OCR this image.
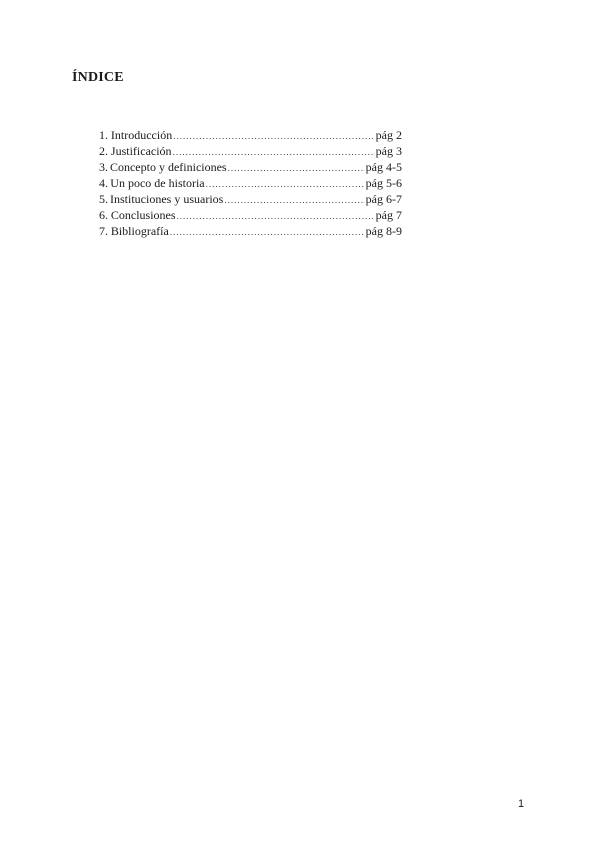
ÍNDICE
1. Introducción .....	pág 2
2. Justificación .....	pág 3
3. Concepto y definiciones .....	pág 4-5
4. Un poco de historia .....	pág 5-6
5. Instituciones y usuarios .....	pág 6-7
6. Conclusiones .....	pág 7
7. Bibliografía .....	pág 8-9
1
